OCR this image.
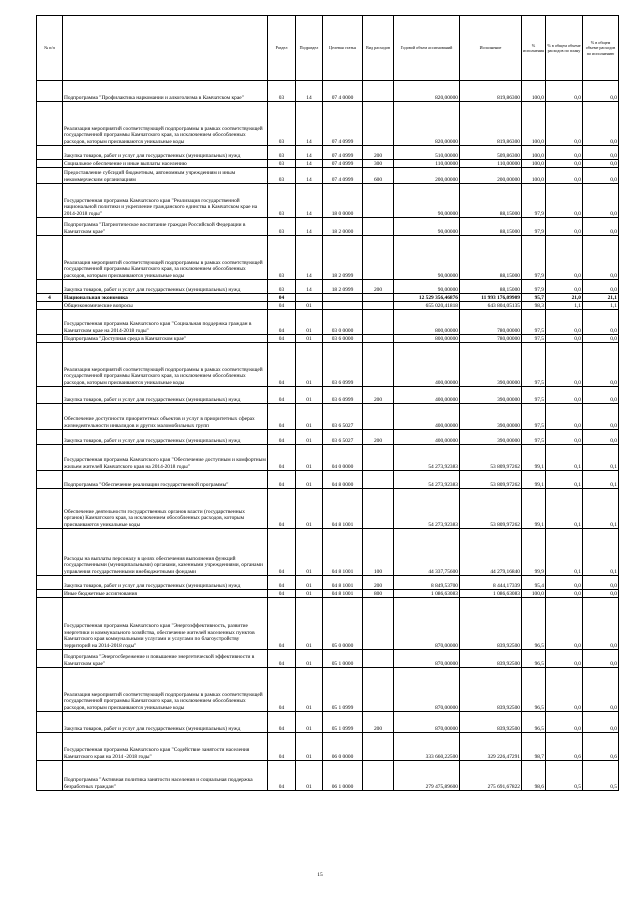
№ п/п		Раздел	Подраздел	Целевая статья	Вид расходов	Годовой объем ассигнований	Исполнение	% исполнения	% в общем объеме расходов по плану	% в общем объеме расходов по исполнению
	Подпрограмма "Профилактика наркомании и алкоголизма в Камчатском крае"	03	14	07 4 0000		820,00000	819,86300	100,0	0,0	0,0
	Реализация мероприятий соответствующей подпрограммы в рамках соответствующей государственной программы Камчатского края, за исключением обособленных расходов, которым присваиваются уникальные коды	03	14	07 4 0999		820,00000	819,86300	100,0	0,0	0,0
	Закупка товаров, работ и услуг для государственных (муниципальных) нужд	03	14	07 4 0999	200	510,00000	509,86300	100,0	0,0	0,0
	Социальное обеспечение и иные выплаты населению	03	14	07 4 0999	300	110,00000	110,00000	100,0	0,0	0,0
	Предоставление субсидий бюджетным, автономным учреждениям и иным некоммерческим организациям	03	14	07 4 0999	600	200,00000	200,00000	100,0	0,0	0,0
	Государственная программа Камчатского края "Реализация государственной национальной политики и укрепление гражданского единства в Камчатском крае на 2014-2018 годы"	03	14	18 0 0000		90,00000	88,15000	97,9	0,0	0,0
	Подпрограмма "Патриотическое воспитание граждан Российской Федерации в Камчатском крае"	03	14	18 2 0000		90,00000	88,15000	97,9	0,0	0,0
	Реализация мероприятий соответствующей подпрограммы в рамках соответствующей государственной программы Камчатского края, за исключением обособленных расходов, которым присваиваются уникальные коды	03	14	18 2 0999		90,00000	88,15000	97,9	0,0	0,0
	Закупка товаров, работ и услуг для государственных (муниципальных) нужд	03	14	18 2 0999	200	90,00000	88,15000	97,9	0,0	0,0
4	Национальная экономика	04				12 529 356,46876	11 993 176,09909	95,7	21,0	21,1
	Общеэкономические вопросы	04	01			655 020,41818	643 804,05135	98,3	1,1	1,1
	Государственная программа Камчатского края "Социальная поддержка граждан в Камчатском крае на 2014-2018 годы"	04	01	03 0 0000		800,00000	780,00000	97,5	0,0	0,0
	Подпрограмма "Доступная среда в Камчатском крае"	04	01	03 6 0000		800,00000	780,00000	97,5	0,0	0,0
	Реализация мероприятий соответствующей подпрограммы в рамках соответствующей государственной программы Камчатского края, за исключением обособленных расходов, которым присваиваются уникальные коды	04	01	03 6 0999		400,00000	390,00000	97,5	0,0	0,0
	Закупка товаров, работ и услуг для государственных (муниципальных) нужд	04	01	03 6 0999	200	400,00000	390,00000	97,5	0,0	0,0
	Обеспечение доступности приоритетных объектов и услуг в приоритетных сферах жизнедеятельности инвалидов и других маломобильных групп	04	01	03 6 5027		400,00000	390,00000	97,5	0,0	0,0
	Закупка товаров, работ и услуг для государственных (муниципальных) нужд	04	01	03 6 5027	200	400,00000	390,00000	97,5	0,0	0,0
	Государственная программа Камчатского края "Обеспечение доступным и комфортным жильем жителей Камчатского края на 2014-2018 годы"	04	01	04 0 0000		54 273,92383	53 809,97262	99,1	0,1	0,1
	Подпрограмма "Обеспечение реализации государственной программы"	04	01	04 8 0000		54 273,92383	53 809,97262	99,1	0,1	0,1
	Обеспечение деятельности государственных органов власти (государственных органов) Камчатского края, за исключением обособленных расходов, которым присваиваются уникальные коды	04	01	04 8 1001		54 273,92383	53 809,97262	99,1	0,1	0,1
	Расходы на выплаты персоналу в целях обеспечения выполнения функций государственными (муниципальными) органами, казенными учреждениями, органами управления государственными внебюджетными фондами	04	01	04 8 1001	100	44 337,75600	44 279,16840	99,9	0,1	0,1
	Закупка товаров, работ и услуг для государственных (муниципальных) нужд	04	01	04 8 1001	200	8 849,53700	8 444,17339	95,4	0,0	0,0
	Иные бюджетные ассигнования	04	01	04 8 1001	800	1 086,63083	1 086,63083	100,0	0,0	0,0
	Государственная программа Камчатского края "Энергоэффективность, развитие энергетики и коммунального хозяйства, обеспечение жителей населенных пунктов Камчатского края коммунальными услугами и услугами по благоустройству территорий на 2014-2018 годы"	04	01	05 0 0000		870,00000	839,92500	96,5	0,0	0,0
	Подпрограмма "Энергосбережение и повышение энергетической эффективности в Камчатском крае"	04	01	05 1 0000		870,00000	839,92500	96,5	0,0	0,0
	Реализация мероприятий соответствующей подпрограммы в рамках соответствующей государственной программы Камчатского края, за исключением обособленных расходов, которым присваиваются уникальные коды	04	01	05 1 0999		870,00000	839,92500	96,5	0,0	0,0
	Закупка товаров, работ и услуг для государственных (муниципальных) нужд	04	01	05 1 0999	200	870,00000	839,92500	96,5	0,0	0,0
	Государственная программа Камчатского края "Содействие занятости населения Камчатского края на 2014 -2018 годы"	04	01	06 0 0000		333 660,22500	329 226,47291	98,7	0,6	0,6
	Подпрограмма "Активная политика занятости населения и социальная поддержка безработных граждан"	04	01	06 1 0000		279 475,89600	275 691,67822	98,6	0,5	0,5
15
